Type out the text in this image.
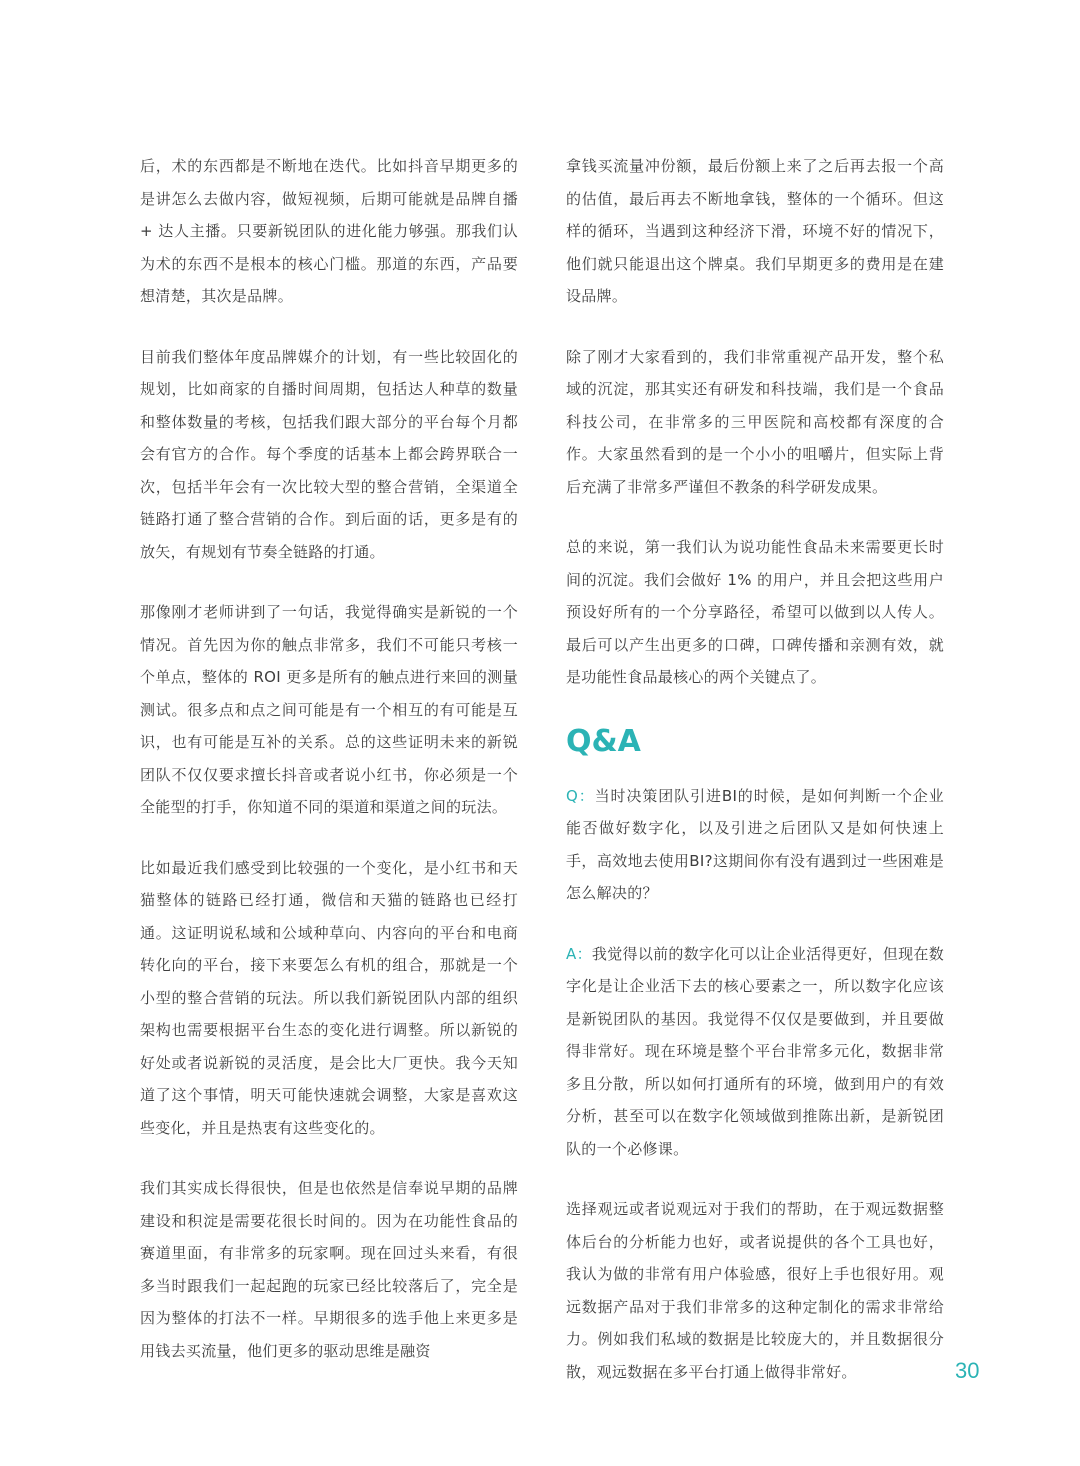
后，术的东西都是不断地在迭代。比如抖音早期更多的是讲怎么去做内容，做短视频，后期可能就是品牌自播 + 达人主播。只要新锐团队的进化能力够强。那我们认为术的东西不是根本的核心门槛。那道的东西，产品要想清楚，其次是品牌。

目前我们整体年度品牌媒介的计划，有一些比较固化的规划，比如商家的自播时间周期，包括达人种草的数量和整体数量的考核，包括我们跟大部分的平台每个月都会有官方的合作。每个季度的话基本上都会跨界联合一次，包括半年会有一次比较大型的整合营销，全渠道全链路打通了整合营销的合作。到后面的话，更多是有的放矢，有规划有节奏全链路的打通。

那像刚才老师讲到了一句话，我觉得确实是新锐的一个情况。首先因为你的触点非常多，我们不可能只考核一个单点，整体的 ROI 更多是所有的触点进行来回的测量测试。很多点和点之间可能是有一个相互的有可能是互识，也有可能是互补的关系。总的这些证明未来的新锐团队不仅仅要求擅长抖音或者说小红书，你必须是一个全能型的打手，你知道不同的渠道和渠道之间的玩法。

比如最近我们感受到比较强的一个变化，是小红书和天猫整体的链路已经打通，微信和天猫的链路也已经打通。这证明说私域和公域种草向、内容向的平台和电商转化向的平台，接下来要怎么有机的组合，那就是一个小型的整合营销的玩法。所以我们新锐团队内部的组织架构也需要根据平台生态的变化进行调整。所以新锐的好处或者说新锐的灵活度，是会比大厂更快。我今天知道了这个事情，明天可能快速就会调整，大家是喜欢这些变化，并且是热衷有这些变化的。

我们其实成长得很快，但是也依然是信奉说早期的品牌建设和积淀是需要花很长时间的。因为在功能性食品的赛道里面，有非常多的玩家啊。现在回过头来看，有很多当时跟我们一起起跑的玩家已经比较落后了，完全是因为整体的打法不一样。早期很多的选手他上来更多是用钱去买流量，他们更多的驱动思维是融资

拿钱买流量冲份额，最后份额上来了之后再去报一个高的估值，最后再去不断地拿钱，整体的一个循环。但这样的循环，当遇到这种经济下滑，环境不好的情况下，他们就只能退出这个牌桌。我们早期更多的费用是在建设品牌。

除了刚才大家看到的，我们非常重视产品开发，整个私域的沉淀，那其实还有研发和科技端，我们是一个食品科技公司，在非常多的三甲医院和高校都有深度的合作。大家虽然看到的是一个小小的咀嚼片，但实际上背后充满了非常多严谨但不教条的科学研发成果。

总的来说，第一我们认为说功能性食品未来需要更长时间的沉淀。我们会做好 1% 的用户，并且会把这些用户预设好所有的一个分享路径，希望可以做到以人传人。最后可以产生出更多的口碑，口碑传播和亲测有效，就是功能性食品最核心的两个关键点了。

Q&A

Q：当时决策团队引进BI的时候，是如何判断一个企业能否做好数字化，以及引进之后团队又是如何快速上手，高效地去使用BI?这期间你有没有遇到过一些困难是怎么解决的？

A：我觉得以前的数字化可以让企业活得更好，但现在数字化是让企业活下去的核心要素之一，所以数字化应该是新锐团队的基因。我觉得不仅仅是要做到，并且要做得非常好。现在环境是整个平台非常多元化，数据非常多且分散，所以如何打通所有的环境，做到用户的有效分析，甚至可以在数字化领域做到推陈出新，是新锐团队的一个必修课。

选择观远或者说观远对于我们的帮助，在于观远数据整体后台的分析能力也好，或者说提供的各个工具也好，我认为做的非常有用户体验感，很好上手也很好用。观远数据产品对于我们非常多的这种定制化的需求非常给力。例如我们私域的数据是比较庞大的，并且数据很分散，观远数据在多平台打通上做得非常好。	30
